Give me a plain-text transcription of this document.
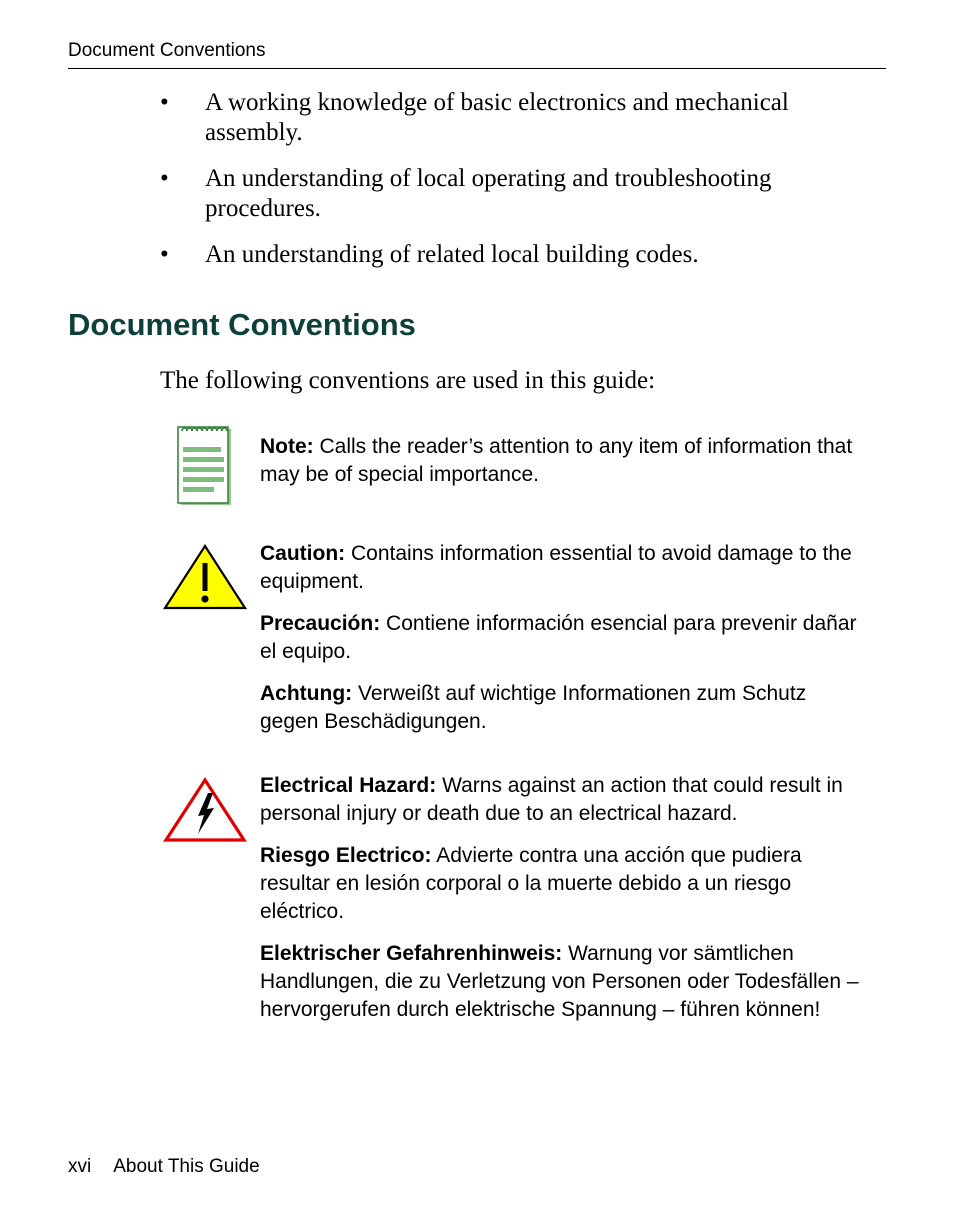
Document Conventions
• A working knowledge of basic electronics and mechanical assembly.
• An understanding of local operating and troubleshooting procedures.
• An understanding of related local building codes.
Document Conventions

The following conventions are used in this guide:

Note: Calls the reader’s attention to any item of information that may be of special importance.

Caution: Contains information essential to avoid damage to the equipment.

Precaución: Contiene información esencial para prevenir dañar el equipo.

Achtung: Verweißt auf wichtige Informationen zum Schutz gegen Beschädigungen.

Electrical Hazard: Warns against an action that could result in personal injury or death due to an electrical hazard.

Riesgo Electrico: Advierte contra una acción que pudiera resultar en lesión corporal o la muerte debido a un riesgo eléctrico.

Elektrischer Gefahrenhinweis: Warnung vor sämtlichen Handlungen, die zu Verletzung von Personen oder Todesfällen – hervorgerufen durch elektrische Spannung – führen können!

xvi About This Guide
